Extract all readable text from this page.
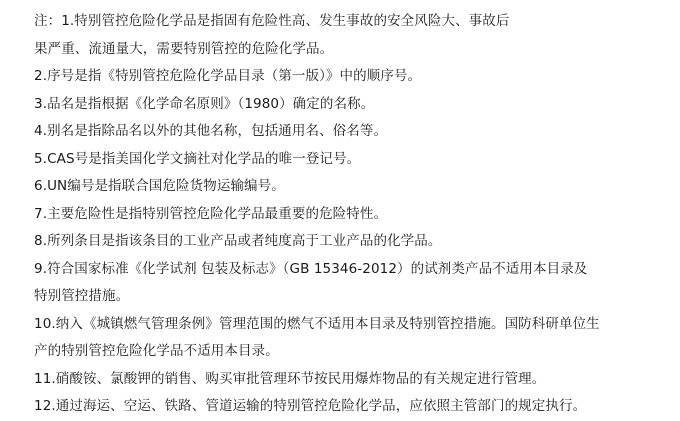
注：1.特别管控危险化学品是指固有危险性高、发生事故的安全风险大、事故后
果严重、流通量大，需要特别管控的危险化学品。
2.序号是指《特别管控危险化学品目录（第一版）》中的顺序号。
3.品名是指根据《化学命名原则》（1980）确定的名称。
4.别名是指除品名以外的其他名称，包括通用名、俗名等。
5.CAS号是指美国化学文摘社对化学品的唯一登记号。
6.UN编号是指联合国危险货物运输编号。
7.主要危险性是指特别管控危险化学品最重要的危险特性。
8.所列条目是指该条目的工业产品或者纯度高于工业产品的化学品。
9.符合国家标准《化学试剂 包装及标志》（GB 15346-2012）的试剂类产品不适用本目录及
特别管控措施。
10.纳入《城镇燃气管理条例》管理范围的燃气不适用本目录及特别管控措施。国防科研单位生
产的特别管控危险化学品不适用本目录。
11.硝酸铵、氯酸钾的销售、购买审批管理环节按民用爆炸物品的有关规定进行管理。
12.通过海运、空运、铁路、管道运输的特别管控危险化学品，应依照主管部门的规定执行。
